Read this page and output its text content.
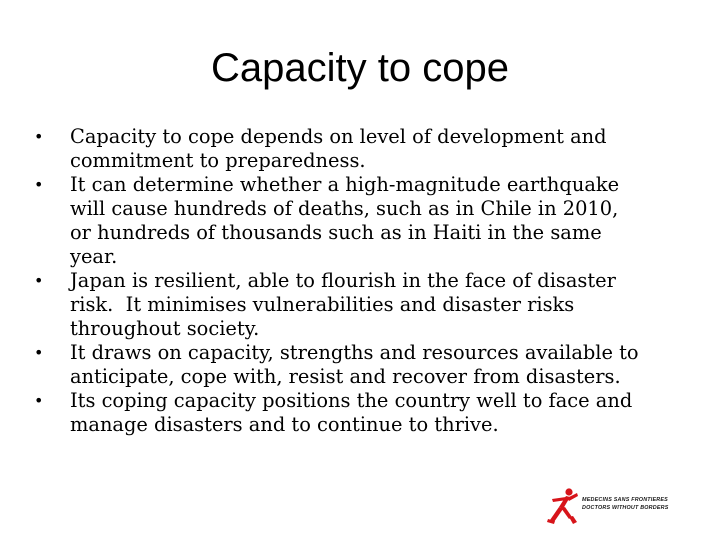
Capacity to cope
•	Capacity to cope depends on level of development and
commitment to preparedness.
•	It can determine whether a high-magnitude earthquake
will cause hundreds of deaths, such as in Chile in 2010,
or hundreds of thousands such as in Haiti in the same
year.
•	Japan is resilient, able to flourish in the face of disaster
risk.  It minimises vulnerabilities and disaster risks
throughout society.
•	It draws on capacity, strengths and resources available to
anticipate, cope with, resist and recover from disasters.
•	Its coping capacity positions the country well to face and
manage disasters and to continue to thrive.
MEDECINS SANS FRONTIERES
DOCTORS WITHOUT BORDERS
